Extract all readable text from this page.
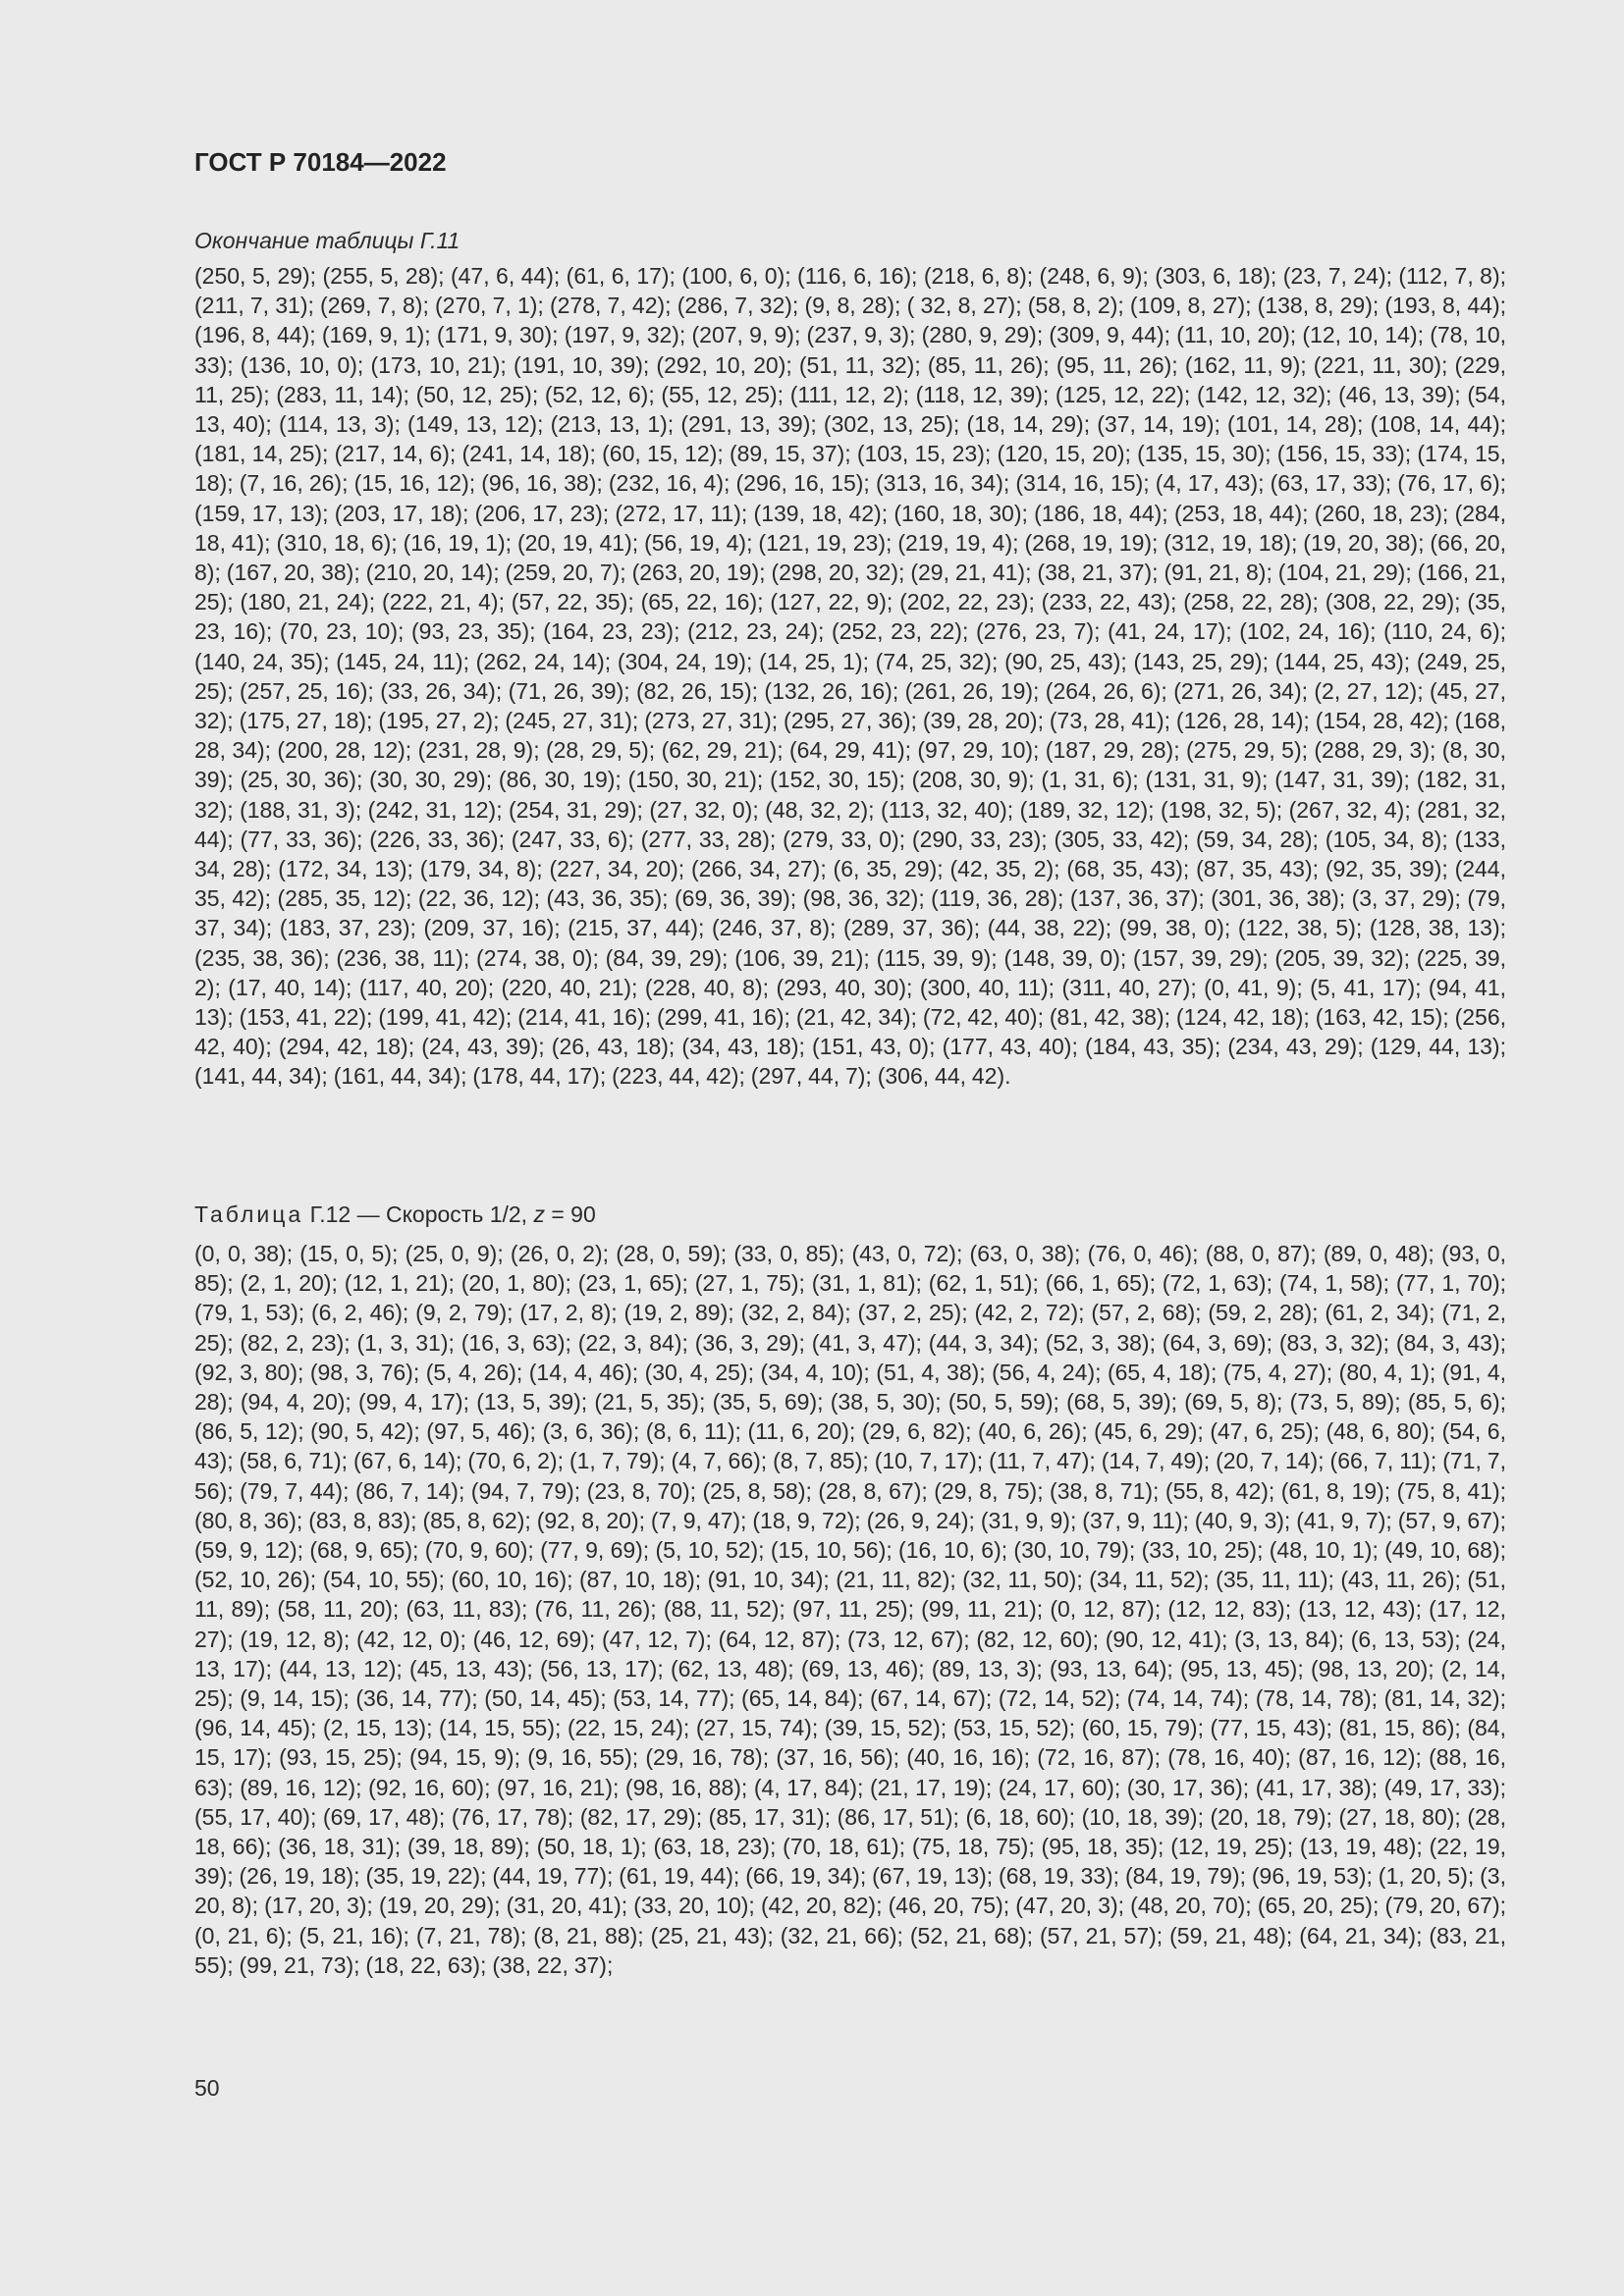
ГОСТ Р 70184—2022
Окончание таблицы Г.11
(250, 5, 29); (255, 5, 28); (47, 6, 44); (61, 6, 17); (100, 6, 0); (116, 6, 16); (218, 6, 8); (248, 6, 9); (303, 6, 18); (23, 7, 24); (112, 7, 8); (211, 7, 31); (269, 7, 8); (270, 7, 1); (278, 7, 42); (286, 7, 32); (9, 8, 28); ( 32, 8, 27); (58, 8, 2); (109, 8, 27); (138, 8, 29); (193, 8, 44); (196, 8, 44); (169, 9, 1); (171, 9, 30); (197, 9, 32); (207, 9, 9); (237, 9, 3); (280, 9, 29); (309, 9, 44); (11, 10, 20); (12, 10, 14); (78, 10, 33); (136, 10, 0); (173, 10, 21); (191, 10, 39); (292, 10, 20); (51, 11, 32); (85, 11, 26); (95, 11, 26); (162, 11, 9); (221, 11, 30); (229, 11, 25); (283, 11, 14); (50, 12, 25); (52, 12, 6); (55, 12, 25); (111, 12, 2); (118, 12, 39); (125, 12, 22); (142, 12, 32); (46, 13, 39); (54, 13, 40); (114, 13, 3); (149, 13, 12); (213, 13, 1); (291, 13, 39); (302, 13, 25); (18, 14, 29); (37, 14, 19); (101, 14, 28); (108, 14, 44); (181, 14, 25); (217, 14, 6); (241, 14, 18); (60, 15, 12); (89, 15, 37); (103, 15, 23); (120, 15, 20); (135, 15, 30); (156, 15, 33); (174, 15, 18); (7, 16, 26); (15, 16, 12); (96, 16, 38); (232, 16, 4); (296, 16, 15); (313, 16, 34); (314, 16, 15); (4, 17, 43); (63, 17, 33); (76, 17, 6); (159, 17, 13); (203, 17, 18); (206, 17, 23); (272, 17, 11); (139, 18, 42); (160, 18, 30); (186, 18, 44); (253, 18, 44); (260, 18, 23); (284, 18, 41); (310, 18, 6); (16, 19, 1); (20, 19, 41); (56, 19, 4); (121, 19, 23); (219, 19, 4); (268, 19, 19); (312, 19, 18); (19, 20, 38); (66, 20, 8); (167, 20, 38); (210, 20, 14); (259, 20, 7); (263, 20, 19); (298, 20, 32); (29, 21, 41); (38, 21, 37); (91, 21, 8); (104, 21, 29); (166, 21, 25); (180, 21, 24); (222, 21, 4); (57, 22, 35); (65, 22, 16); (127, 22, 9); (202, 22, 23); (233, 22, 43); (258, 22, 28); (308, 22, 29); (35, 23, 16); (70, 23, 10); (93, 23, 35); (164, 23, 23); (212, 23, 24); (252, 23, 22); (276, 23, 7); (41, 24, 17); (102, 24, 16); (110, 24, 6); (140, 24, 35); (145, 24, 11); (262, 24, 14); (304, 24, 19); (14, 25, 1); (74, 25, 32); (90, 25, 43); (143, 25, 29); (144, 25, 43); (249, 25, 25); (257, 25, 16); (33, 26, 34); (71, 26, 39); (82, 26, 15); (132, 26, 16); (261, 26, 19); (264, 26, 6); (271, 26, 34); (2, 27, 12); (45, 27, 32); (175, 27, 18); (195, 27, 2); (245, 27, 31); (273, 27, 31); (295, 27, 36); (39, 28, 20); (73, 28, 41); (126, 28, 14); (154, 28, 42); (168, 28, 34); (200, 28, 12); (231, 28, 9); (28, 29, 5); (62, 29, 21); (64, 29, 41); (97, 29, 10); (187, 29, 28); (275, 29, 5); (288, 29, 3); (8, 30, 39); (25, 30, 36); (30, 30, 29); (86, 30, 19); (150, 30, 21); (152, 30, 15); (208, 30, 9); (1, 31, 6); (131, 31, 9); (147, 31, 39); (182, 31, 32); (188, 31, 3); (242, 31, 12); (254, 31, 29); (27, 32, 0); (48, 32, 2); (113, 32, 40); (189, 32, 12); (198, 32, 5); (267, 32, 4); (281, 32, 44); (77, 33, 36); (226, 33, 36); (247, 33, 6); (277, 33, 28); (279, 33, 0); (290, 33, 23); (305, 33, 42); (59, 34, 28); (105, 34, 8); (133, 34, 28); (172, 34, 13); (179, 34, 8); (227, 34, 20); (266, 34, 27); (6, 35, 29); (42, 35, 2); (68, 35, 43); (87, 35, 43); (92, 35, 39); (244, 35, 42); (285, 35, 12); (22, 36, 12); (43, 36, 35); (69, 36, 39); (98, 36, 32); (119, 36, 28); (137, 36, 37); (301, 36, 38); (3, 37, 29); (79, 37, 34); (183, 37, 23); (209, 37, 16); (215, 37, 44); (246, 37, 8); (289, 37, 36); (44, 38, 22); (99, 38, 0); (122, 38, 5); (128, 38, 13); (235, 38, 36); (236, 38, 11); (274, 38, 0); (84, 39, 29); (106, 39, 21); (115, 39, 9); (148, 39, 0); (157, 39, 29); (205, 39, 32); (225, 39, 2); (17, 40, 14); (117, 40, 20); (220, 40, 21); (228, 40, 8); (293, 40, 30); (300, 40, 11); (311, 40, 27); (0, 41, 9); (5, 41, 17); (94, 41, 13); (153, 41, 22); (199, 41, 42); (214, 41, 16); (299, 41, 16); (21, 42, 34); (72, 42, 40); (81, 42, 38); (124, 42, 18); (163, 42, 15); (256, 42, 40); (294, 42, 18); (24, 43, 39); (26, 43, 18); (34, 43, 18); (151, 43, 0); (177, 43, 40); (184, 43, 35); (234, 43, 29); (129, 44, 13); (141, 44, 34); (161, 44, 34); (178, 44, 17); (223, 44, 42); (297, 44, 7); (306, 44, 42).
Таблица Г.12 — Скорость 1/2, z = 90
(0, 0, 38); (15, 0, 5); (25, 0, 9); (26, 0, 2); (28, 0, 59); (33, 0, 85); (43, 0, 72); (63, 0, 38); (76, 0, 46); (88, 0, 87); (89, 0, 48); (93, 0, 85); (2, 1, 20); (12, 1, 21); (20, 1, 80); (23, 1, 65); (27, 1, 75); (31, 1, 81); (62, 1, 51); (66, 1, 65); (72, 1, 63); (74, 1, 58); (77, 1, 70); (79, 1, 53); (6, 2, 46); (9, 2, 79); (17, 2, 8); (19, 2, 89); (32, 2, 84); (37, 2, 25); (42, 2, 72); (57, 2, 68); (59, 2, 28); (61, 2, 34); (71, 2, 25); (82, 2, 23); (1, 3, 31); (16, 3, 63); (22, 3, 84); (36, 3, 29); (41, 3, 47); (44, 3, 34); (52, 3, 38); (64, 3, 69); (83, 3, 32); (84, 3, 43); (92, 3, 80); (98, 3, 76); (5, 4, 26); (14, 4, 46); (30, 4, 25); (34, 4, 10); (51, 4, 38); (56, 4, 24); (65, 4, 18); (75, 4, 27); (80, 4, 1); (91, 4, 28); (94, 4, 20); (99, 4, 17); (13, 5, 39); (21, 5, 35); (35, 5, 69); (38, 5, 30); (50, 5, 59); (68, 5, 39); (69, 5, 8); (73, 5, 89); (85, 5, 6); (86, 5, 12); (90, 5, 42); (97, 5, 46); (3, 6, 36); (8, 6, 11); (11, 6, 20); (29, 6, 82); (40, 6, 26); (45, 6, 29); (47, 6, 25); (48, 6, 80); (54, 6, 43); (58, 6, 71); (67, 6, 14); (70, 6, 2); (1, 7, 79); (4, 7, 66); (8, 7, 85); (10, 7, 17); (11, 7, 47); (14, 7, 49); (20, 7, 14); (66, 7, 11); (71, 7, 56); (79, 7, 44); (86, 7, 14); (94, 7, 79); (23, 8, 70); (25, 8, 58); (28, 8, 67); (29, 8, 75); (38, 8, 71); (55, 8, 42); (61, 8, 19); (75, 8, 41); (80, 8, 36); (83, 8, 83); (85, 8, 62); (92, 8, 20); (7, 9, 47); (18, 9, 72); (26, 9, 24); (31, 9, 9); (37, 9, 11); (40, 9, 3); (41, 9, 7); (57, 9, 67); (59, 9, 12); (68, 9, 65); (70, 9, 60); (77, 9, 69); (5, 10, 52); (15, 10, 56); (16, 10, 6); (30, 10, 79); (33, 10, 25); (48, 10, 1); (49, 10, 68); (52, 10, 26); (54, 10, 55); (60, 10, 16); (87, 10, 18); (91, 10, 34); (21, 11, 82); (32, 11, 50); (34, 11, 52); (35, 11, 11); (43, 11, 26); (51, 11, 89); (58, 11, 20); (63, 11, 83); (76, 11, 26); (88, 11, 52); (97, 11, 25); (99, 11, 21); (0, 12, 87); (12, 12, 83); (13, 12, 43); (17, 12, 27); (19, 12, 8); (42, 12, 0); (46, 12, 69); (47, 12, 7); (64, 12, 87); (73, 12, 67); (82, 12, 60); (90, 12, 41); (3, 13, 84); (6, 13, 53); (24, 13, 17); (44, 13, 12); (45, 13, 43); (56, 13, 17); (62, 13, 48); (69, 13, 46); (89, 13, 3); (93, 13, 64); (95, 13, 45); (98, 13, 20); (2, 14, 25); (9, 14, 15); (36, 14, 77); (50, 14, 45); (53, 14, 77); (65, 14, 84); (67, 14, 67); (72, 14, 52); (74, 14, 74); (78, 14, 78); (81, 14, 32); (96, 14, 45); (2, 15, 13); (14, 15, 55); (22, 15, 24); (27, 15, 74); (39, 15, 52); (53, 15, 52); (60, 15, 79); (77, 15, 43); (81, 15, 86); (84, 15, 17); (93, 15, 25); (94, 15, 9); (9, 16, 55); (29, 16, 78); (37, 16, 56); (40, 16, 16); (72, 16, 87); (78, 16, 40); (87, 16, 12); (88, 16, 63); (89, 16, 12); (92, 16, 60); (97, 16, 21); (98, 16, 88); (4, 17, 84); (21, 17, 19); (24, 17, 60); (30, 17, 36); (41, 17, 38); (49, 17, 33); (55, 17, 40); (69, 17, 48); (76, 17, 78); (82, 17, 29); (85, 17, 31); (86, 17, 51); (6, 18, 60); (10, 18, 39); (20, 18, 79); (27, 18, 80); (28, 18, 66); (36, 18, 31); (39, 18, 89); (50, 18, 1); (63, 18, 23); (70, 18, 61); (75, 18, 75); (95, 18, 35); (12, 19, 25); (13, 19, 48); (22, 19, 39); (26, 19, 18); (35, 19, 22); (44, 19, 77); (61, 19, 44); (66, 19, 34); (67, 19, 13); (68, 19, 33); (84, 19, 79); (96, 19, 53); (1, 20, 5); (3, 20, 8); (17, 20, 3); (19, 20, 29); (31, 20, 41); (33, 20, 10); (42, 20, 82); (46, 20, 75); (47, 20, 3); (48, 20, 70); (65, 20, 25); (79, 20, 67); (0, 21, 6); (5, 21, 16); (7, 21, 78); (8, 21, 88); (25, 21, 43); (32, 21, 66); (52, 21, 68); (57, 21, 57); (59, 21, 48); (64, 21, 34); (83, 21, 55); (99, 21, 73); (18, 22, 63); (38, 22, 37);
50
